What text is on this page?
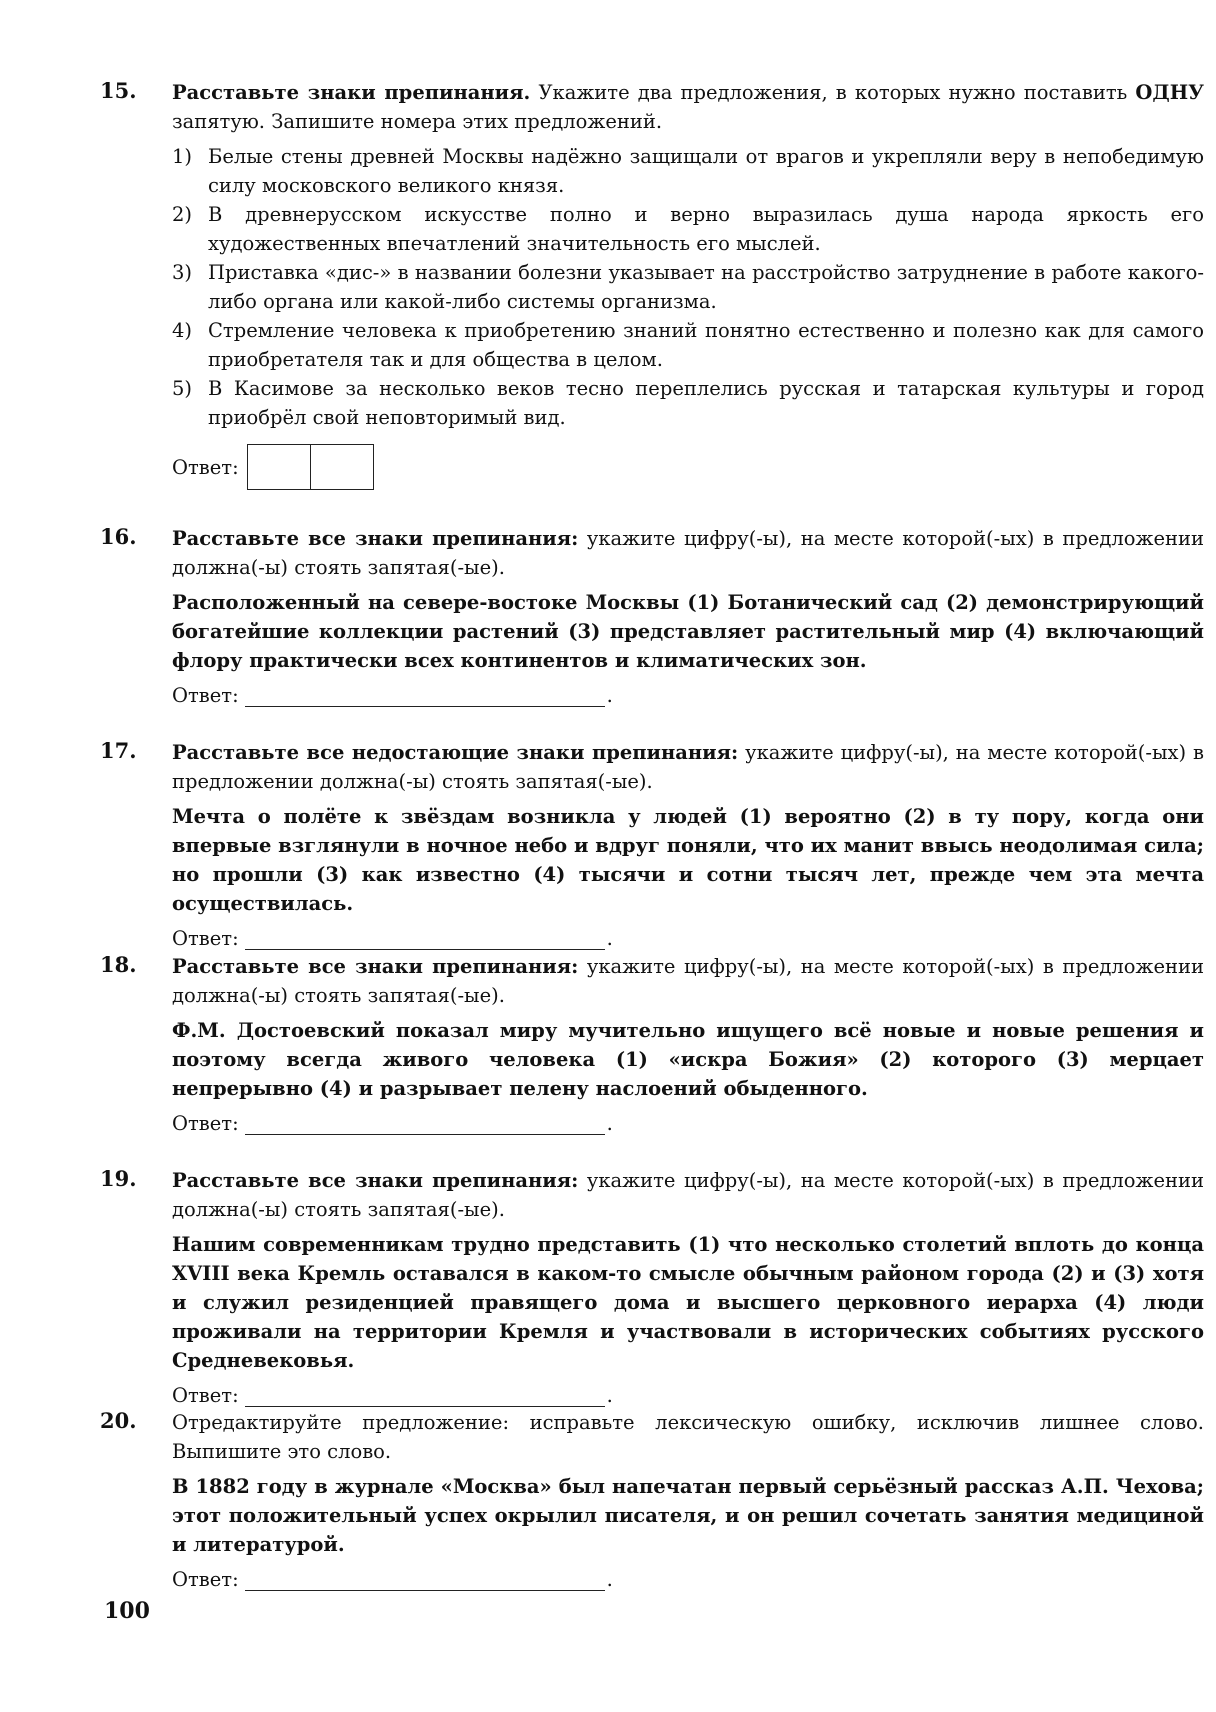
15. Расставьте знаки препинания. Укажите два предложения, в которых нужно поставить ОДНУ запятую. Запишите номера этих предложений.

1) Белые стены древней Москвы надёжно защищали от врагов и укрепляли веру в непобедимую силу московского великого князя.
2) В древнерусском искусстве полно и верно выразилась душа народа яркость его художественных впечатлений значительность его мыслей.
3) Приставка «дис-» в названии болезни указывает на расстройство затруднение в работе какого-либо органа или какой-либо системы организма.
4) Стремление человека к приобретению знаний понятно естественно и полезно как для самого приобретателя так и для общества в целом.
5) В Касимове за несколько веков тесно переплелись русская и татарская культуры и город приобрёл свой неповторимый вид.
Ответ:
16. Расставьте все знаки препинания: укажите цифру(-ы), на месте которой(-ых) в предложении должна(-ы) стоять запятая(-ые).

Расположенный на севере-востоке Москвы (1) Ботанический сад (2) демонстрирующий богатейшие коллекции растений (3) представляет растительный мир (4) включающий флору практически всех континентов и климатических зон.

Ответ:	.
17. Расставьте все недостающие знаки препинания: укажите цифру(-ы), на месте которой(-ых) в предложении должна(-ы) стоять запятая(-ые).

Мечта о полёте к звёздам возникла у людей (1) вероятно (2) в ту пору, когда они впервые взглянули в ночное небо и вдруг поняли, что их манит ввысь неодолимая сила; но прошли (3) как известно (4) тысячи и сотни тысяч лет, прежде чем эта мечта осуществилась.

Ответ:	.
18. Расставьте все знаки препинания: укажите цифру(-ы), на месте которой(-ых) в предложении должна(-ы) стоять запятая(-ые).

Ф.М. Достоевский показал миру мучительно ищущего всё новые и новые решения и поэтому всегда живого человека (1) «искра Божия» (2) которого (3) мерцает непрерывно (4) и разрывает пелену наслоений обыденного.

Ответ:	.
19. Расставьте все знаки препинания: укажите цифру(-ы), на месте которой(-ых) в предложении должна(-ы) стоять запятая(-ые).

Нашим современникам трудно представить (1) что несколько столетий вплоть до конца XVIII века Кремль оставался в каком-то смысле обычным районом города (2) и (3) хотя и служил резиденцией правящего дома и высшего церковного иерарха (4) люди проживали на территории Кремля и участвовали в исторических событиях русского Средневековья.

Ответ:	.
20. Отредактируйте предложение: исправьте лексическую ошибку, исключив лишнее слово. Выпишите это слово.

В 1882 году в журнале «Москва» был напечатан первый серьёзный рассказ А.П. Чехова; этот положительный успех окрылил писателя, и он решил сочетать занятия медициной и литературой.

Ответ:	.
100
